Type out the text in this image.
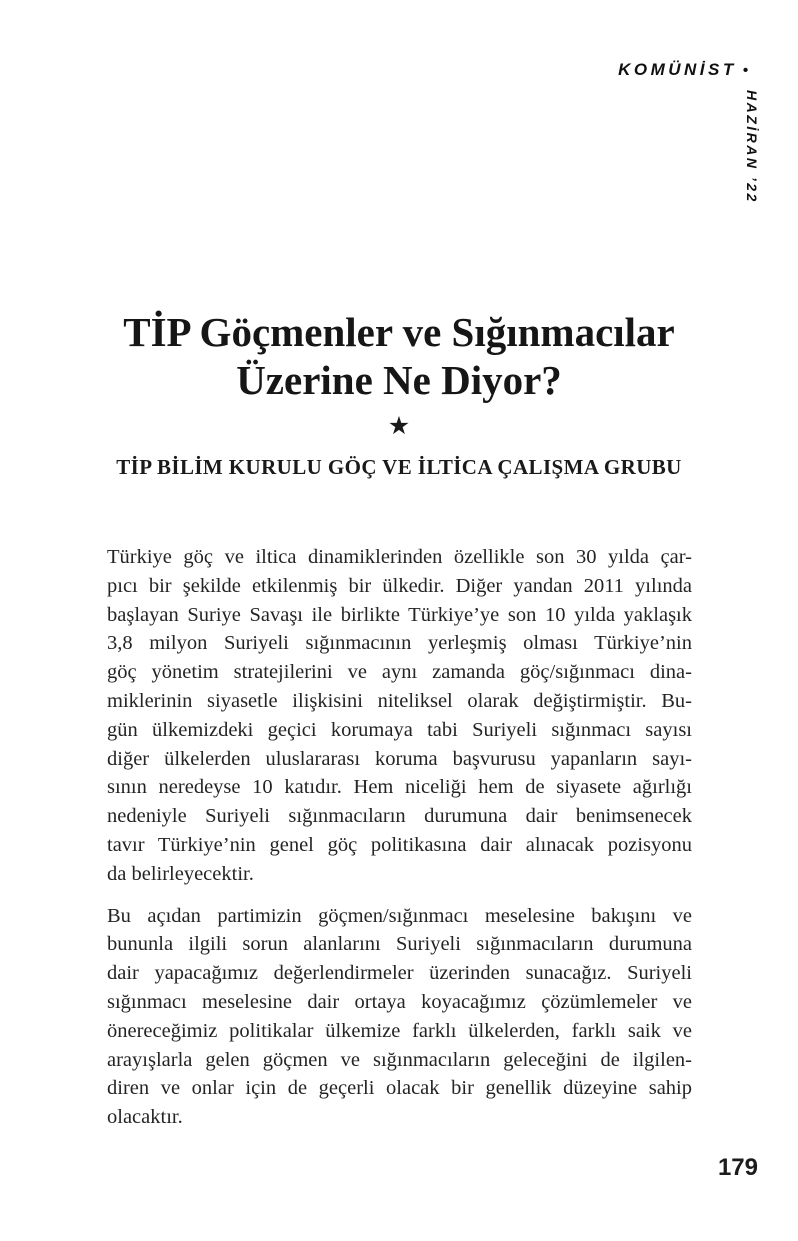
KOMÜNİST •
HAZİRAN ’22
TİP Göçmenler ve Sığınmacılar
Üzerine Ne Diyor?
★
TİP BİLİM KURULU GÖÇ VE İLTİCA ÇALIŞMA GRUBU
Türkiye göç ve iltica dinamiklerinden özellikle son 30 yılda çar-
pıcı bir şekilde etkilenmiş bir ülkedir. Diğer yandan 2011 yılında
başlayan Suriye Savaşı ile birlikte Türkiye’ye son 10 yılda yaklaşık
3,8 milyon Suriyeli sığınmacının yerleşmiş olması Türkiye’nin
göç yönetim stratejilerini ve aynı zamanda göç/sığınmacı dina-
miklerinin siyasetle ilişkisini niteliksel olarak değiştirmiştir. Bu-
gün ülkemizdeki geçici korumaya tabi Suriyeli sığınmacı sayısı
diğer ülkelerden uluslararası koruma başvurusu yapanların sayı-
sının neredeyse 10 katıdır. Hem niceliği hem de siyasete ağırlığı
nedeniyle Suriyeli sığınmacıların durumuna dair benimsenecek
tavır Türkiye’nin genel göç politikasına dair alınacak pozisyonu
da belirleyecektir.
Bu açıdan partimizin göçmen/sığınmacı meselesine bakışını ve
bununla ilgili sorun alanlarını Suriyeli sığınmacıların durumuna
dair yapacağımız değerlendirmeler üzerinden sunacağız. Suriyeli
sığınmacı meselesine dair ortaya koyacağımız çözümlemeler ve
önereceğimiz politikalar ülkemize farklı ülkelerden, farklı saik ve
arayışlarla gelen göçmen ve sığınmacıların geleceğini de ilgilen-
diren ve onlar için de geçerli olacak bir genellik düzeyine sahip
olacaktır.
179
